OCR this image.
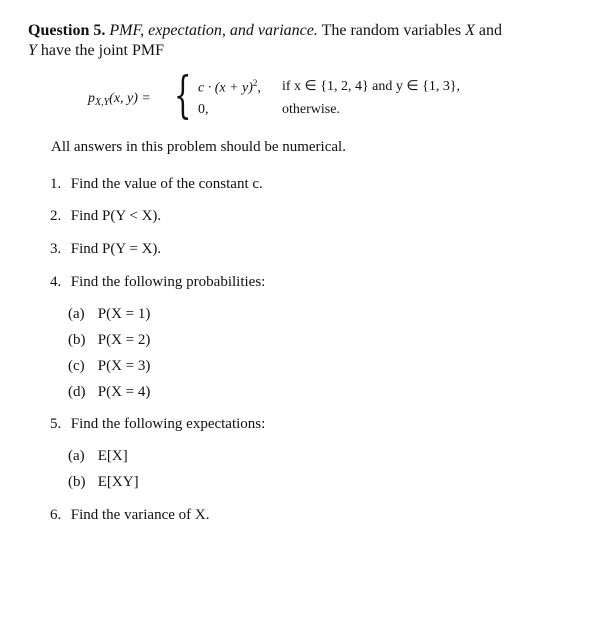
Question 5. PMF, expectation, and variance. The random variables X and
Y have the joint PMF
$p_{X,Y}(x$, y) = { $c \cdot (x + y)^2$, if x ∈ {1, 2, 4} and y ∈ {1, 3},
0,	otherwise.
All answers in this problem should be numerical.
1. Find the value of the constant c.
2. Find P(Y < X).
3. Find P(Y = X).
4. Find the following probabilities:
(a) P(X = 1)
(b) P(X = 2)
(c) P(X = 3)
(d) P(X = 4)
5. Find the following expectations:
(a) E[X]
(b) E[XY]
6. Find the variance of X.
